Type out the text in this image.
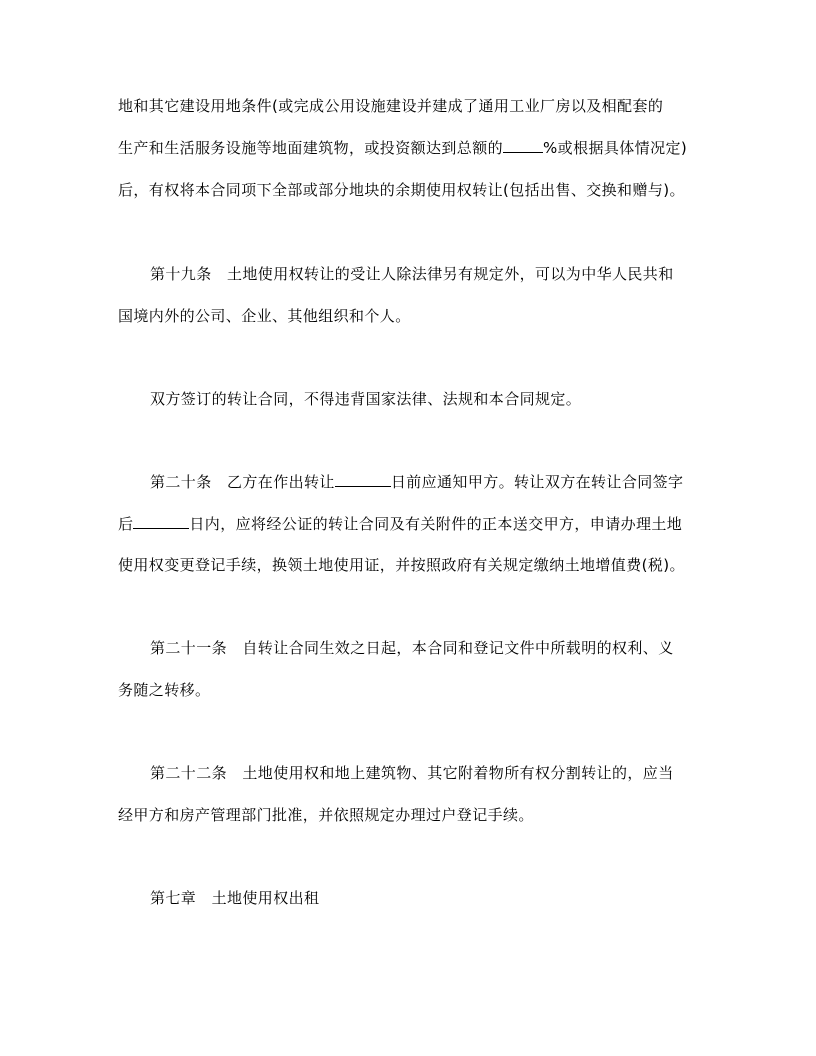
地和其它建设用地条件(或完成公用设施建设并建成了通用工业厂房以及相配套的
生产和生活服务设施等地面建筑物，或投资额达到总额的	%或根据具体情况定)
后，有权将本合同项下全部或部分地块的余期使用权转让(包括出售、交换和赠与)。
第十九条　土地使用权转让的受让人除法律另有规定外，可以为中华人民共和
国境内外的公司、企业、其他组织和个人。
双方签订的转让合同，不得违背国家法律、法规和本合同规定。
第二十条　乙方在作出转让	日前应通知甲方。转让双方在转让合同签字
后	日内，应将经公证的转让合同及有关附件的正本送交甲方，申请办理土地
使用权变更登记手续，换领土地使用证，并按照政府有关规定缴纳土地增值费(税)。
第二十一条　自转让合同生效之日起，本合同和登记文件中所载明的权利、义
务随之转移。
第二十二条　土地使用权和地上建筑物、其它附着物所有权分割转让的，应当
经甲方和房产管理部门批准，并依照规定办理过户登记手续。
第七章　土地使用权出租
